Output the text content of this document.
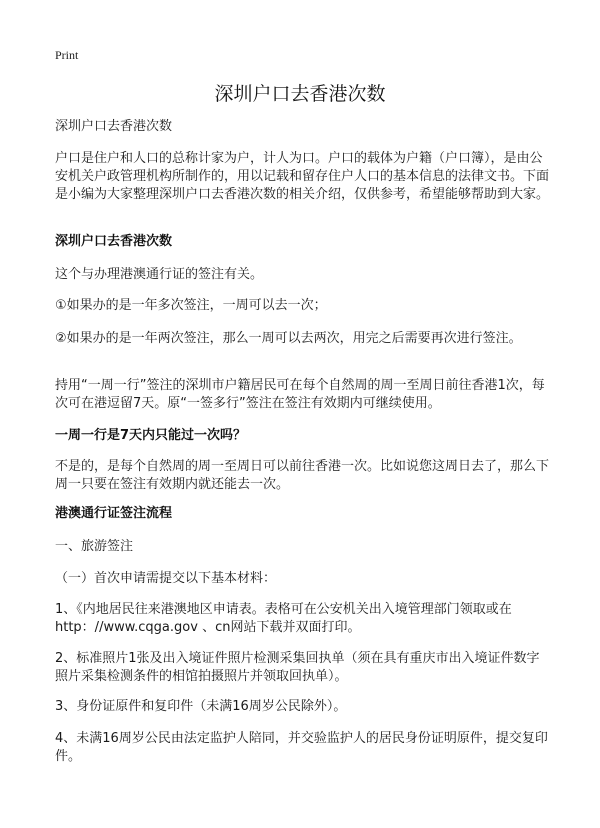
Print
深圳户口去香港次数

深圳户口去香港次数

户口是住户和人口的总称计家为户，计人为口。户口的载体为户籍（户口簿），是由公安机关户政管理机构所制作的，用以记载和留存住户人口的基本信息的法律文书。下面是小编为大家整理深圳户口去香港次数的相关介绍，仅供参考，希望能够帮助到大家。

深圳户口去香港次数

这个与办理港澳通行证的签注有关。

①如果办的是一年多次签注，一周可以去一次；

②如果办的是一年两次签注，那么一周可以去两次，用完之后需要再次进行签注。

持用“一周一行”签注的深圳市户籍居民可在每个自然周的周一至周日前往香港1次，每次可在港逗留7天。原“一签多行”签注在签注有效期内可继续使用。

一周一行是7天内只能过一次吗？

不是的，是每个自然周的周一至周日可以前往香港一次。比如说您这周日去了，那么下周一只要在签注有效期内就还能去一次。

港澳通行证签注流程

一、旅游签注

（一）首次申请需提交以下基本材料：

1、《内地居民往来港澳地区申请表。表格可在公安机关出入境管理部门领取或在http：//www.cqga.gov 、cn网站下载并双面打印。

2、标准照片1张及出入境证件照片检测采集回执单（须在具有重庆市出入境证件数字照片采集检测条件的相馆拍摄照片并领取回执单）。

3、身份证原件和复印件（未满16周岁公民除外）。

4、未满16周岁公民由法定监护人陪同，并交验监护人的居民身份证明原件，提交复印件。
